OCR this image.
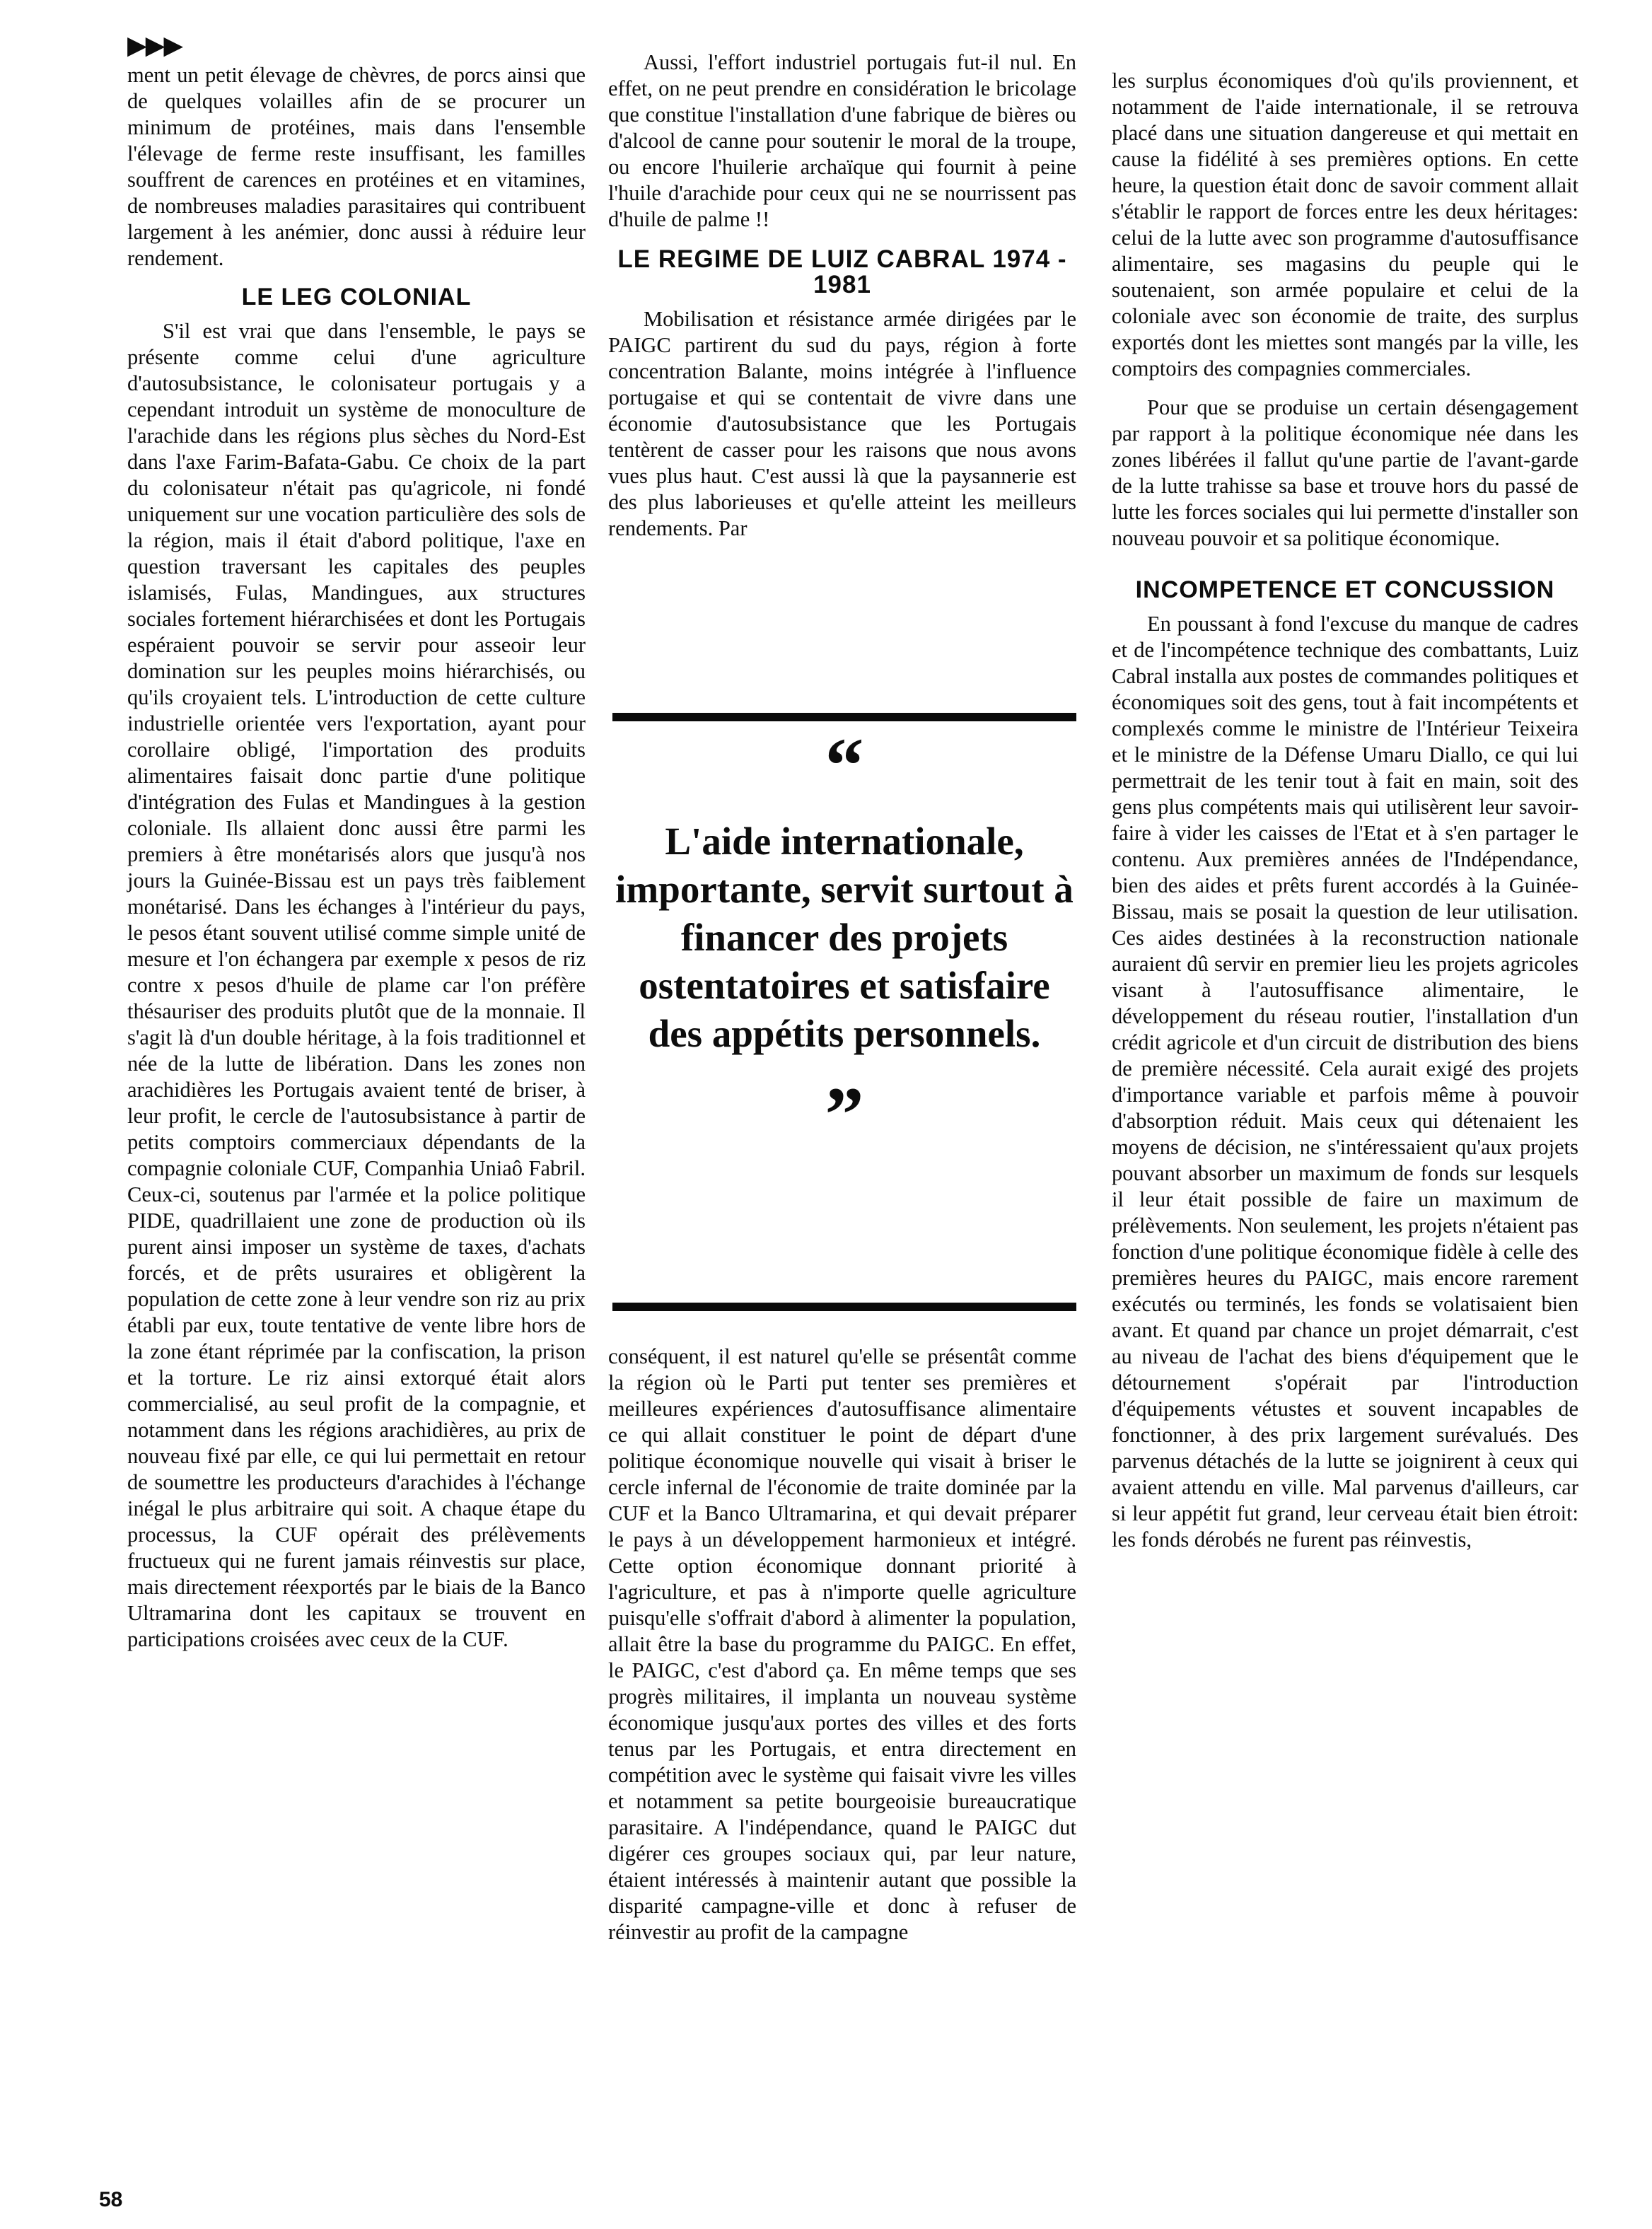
▶▶▶

ment un petit élevage de chèvres, de porcs ainsi que de quelques volailles afin de se procurer un minimum de protéines, mais dans l'ensemble l'élevage de ferme reste insuffisant, les familles souffrent de carences en protéines et en vitamines, de nombreuses maladies parasitaires qui contribuent largement à les anémier, donc aussi à réduire leur rendement.

LE LEG COLONIAL

S'il est vrai que dans l'ensemble, le pays se présente comme celui d'une agriculture d'autosubsistance, le colonisateur portugais y a cependant introduit un système de monoculture de l'arachide dans les régions plus sèches du Nord-Est dans l'axe Farim-Bafata-Gabu. Ce choix de la part du colonisateur n'était pas qu'agricole, ni fondé uniquement sur une vocation particulière des sols de la région, mais il était d'abord politique, l'axe en question traversant les capitales des peuples islamisés, Fulas, Mandingues, aux structures sociales fortement hiérarchisées et dont les Portugais espéraient pouvoir se servir pour asseoir leur domination sur les peuples moins hiérarchisés, ou qu'ils croyaient tels. L'introduction de cette culture industrielle orientée vers l'exportation, ayant pour corollaire obligé, l'importation des produits alimentaires faisait donc partie d'une politique d'intégration des Fulas et Mandingues à la gestion coloniale. Ils allaient donc aussi être parmi les premiers à être monétarisés alors que jusqu'à nos jours la Guinée-Bissau est un pays très faiblement monétarisé. Dans les échanges à l'intérieur du pays, le pesos étant souvent utilisé comme simple unité de mesure et l'on échangera par exemple x pesos de riz contre x pesos d'huile de plame car l'on préfère thésauriser des produits plutôt que de la monnaie. Il s'agit là d'un double héritage, à la fois traditionnel et née de la lutte de libération. Dans les zones non arachidières les Portugais avaient tenté de briser, à leur profit, le cercle de l'autosubsistance à partir de petits comptoirs commerciaux dépendants de la compagnie coloniale CUF, Companhia Uniaô Fabril. Ceux-ci, soutenus par l'armée et la police politique PIDE, quadrillaient une zone de production où ils purent ainsi imposer un système de taxes, d'achats forcés, et de prêts usuraires et obligèrent la population de cette zone à leur vendre son riz au prix établi par eux, toute tentative de vente libre hors de la zone étant réprimée par la confiscation, la prison et la torture. Le riz ainsi extorqué était alors commercialisé, au seul profit de la compagnie, et notamment dans les régions arachidières, au prix de nouveau fixé par elle, ce qui lui permettait en retour de soumettre les producteurs d'arachides à l'échange inégal le plus arbitraire qui soit. A chaque étape du processus, la CUF opérait des prélèvements fructueux qui ne furent jamais réinvestis sur place, mais directement réexportés par le biais de la Banco Ultramarina dont les capitaux se trouvent en participations croisées avec ceux de la CUF.

Aussi, l'effort industriel portugais fut-il nul. En effet, on ne peut prendre en considération le bricolage que constitue l'installation d'une fabrique de bières ou d'alcool de canne pour soutenir le moral de la troupe, ou encore l'huilerie archaïque qui fournit à peine l'huile d'arachide pour ceux qui ne se nourrissent pas d'huile de palme !!

LE REGIME DE LUIZ CABRAL 1974 - 1981

Mobilisation et résistance armée dirigées par le PAIGC partirent du sud du pays, région à forte concentration Balante, moins intégrée à l'influence portugaise et qui se contentait de vivre dans une économie d'autosubsistance que les Portugais tentèrent de casser pour les raisons que nous avons vues plus haut. C'est aussi là que la paysannerie est des plus laborieuses et qu'elle atteint les meilleurs rendements. Par

“
L'aide internationale, importante, servit surtout à financer des projets ostentatoires et satisfaire des appétits personnels.
”

conséquent, il est naturel qu'elle se présentât comme la région où le Parti put tenter ses premières et meilleures expériences d'autosuffisance alimentaire ce qui allait constituer le point de départ d'une politique économique nouvelle qui visait à briser le cercle infernal de l'économie de traite dominée par la CUF et la Banco Ultramarina, et qui devait préparer le pays à un développement harmonieux et intégré. Cette option économique donnant priorité à l'agriculture, et pas à n'importe quelle agriculture puisqu'elle s'offrait d'abord à alimenter la population, allait être la base du programme du PAIGC. En effet, le PAIGC, c'est d'abord ça. En même temps que ses progrès militaires, il implanta un nouveau système économique jusqu'aux portes des villes et des forts tenus par les Portugais, et entra directement en compétition avec le système qui faisait vivre les villes et notamment sa petite bourgeoisie bureaucratique parasitaire. A l'indépendance, quand le PAIGC dut digérer ces groupes sociaux qui, par leur nature, étaient intéressés à maintenir autant que possible la disparité campagne-ville et donc à refuser de réinvestir au profit de la campagne

les surplus économiques d'où qu'ils proviennent, et notamment de l'aide internationale, il se retrouva placé dans une situation dangereuse et qui mettait en cause la fidélité à ses premières options. En cette heure, la question était donc de savoir comment allait s'établir le rapport de forces entre les deux héritages: celui de la lutte avec son programme d'autosuffisance alimentaire, ses magasins du peuple qui le soutenaient, son armée populaire et celui de la coloniale avec son économie de traite, des surplus exportés dont les miettes sont mangés par la ville, les comptoirs des compagnies commerciales.

Pour que se produise un certain désengagement par rapport à la politique économique née dans les zones libérées il fallut qu'une partie de l'avant-garde de la lutte trahisse sa base et trouve hors du passé de lutte les forces sociales qui lui permette d'installer son nouveau pouvoir et sa politique économique.

INCOMPETENCE ET CONCUSSION

En poussant à fond l'excuse du manque de cadres et de l'incompétence technique des combattants, Luiz Cabral installa aux postes de commandes politiques et économiques soit des gens, tout à fait incompétents et complexés comme le ministre de l'Intérieur Teixeira et le ministre de la Défense Umaru Diallo, ce qui lui permettrait de les tenir tout à fait en main, soit des gens plus compétents mais qui utilisèrent leur savoir-faire à vider les caisses de l'Etat et à s'en partager le contenu. Aux premières années de l'Indépendance, bien des aides et prêts furent accordés à la Guinée-Bissau, mais se posait la question de leur utilisation. Ces aides destinées à la reconstruction nationale auraient dû servir en premier lieu les projets agricoles visant à l'autosuffisance alimentaire, le développement du réseau routier, l'installation d'un crédit agricole et d'un circuit de distribution des biens de première nécessité. Cela aurait exigé des projets d'importance variable et parfois même à pouvoir d'absorption réduit. Mais ceux qui détenaient les moyens de décision, ne s'intéressaient qu'aux projets pouvant absorber un maximum de fonds sur lesquels il leur était possible de faire un maximum de prélèvements. Non seulement, les projets n'étaient pas fonction d'une politique économique fidèle à celle des premières heures du PAIGC, mais encore rarement exécutés ou terminés, les fonds se volatisaient bien avant. Et quand par chance un projet démarrait, c'est au niveau de l'achat des biens d'équipement que le détournement s'opérait par l'introduction d'équipements vétustes et souvent incapables de fonctionner, à des prix largement surévalués. Des parvenus détachés de la lutte se joignirent à ceux qui avaient attendu en ville. Mal parvenus d'ailleurs, car si leur appétit fut grand, leur cerveau était bien étroit: les fonds dérobés ne furent pas réinvestis,

58
